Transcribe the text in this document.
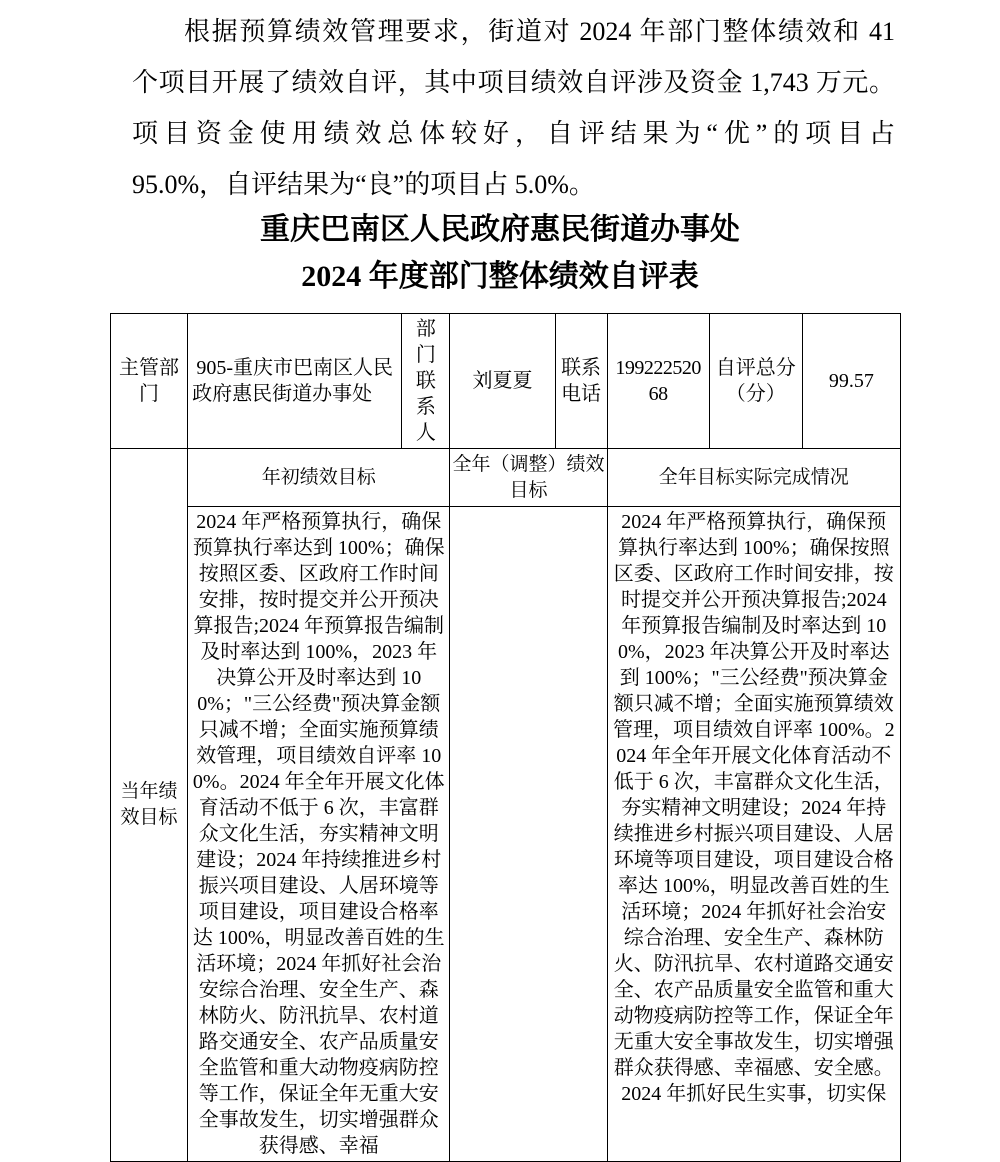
根据预算绩效管理要求，街道对 2024 年部门整体绩效和 41
个项目开展了绩效自评，其中项目绩效自评涉及资金 1,743 万元。
项目资金使用绩效总体较好，自评结果为“优”的项目占
95.0%，自评结果为“良”的项目占 5.0%。
重庆巴南区人民政府惠民街道办事处
2024 年度部门整体绩效自评表
主管部门	905-重庆市巴南区人民政府惠民街道办事处	部门联系人	刘夏夏	联系电话	19922252068	自评总分（分）	99.57
当年绩效目标	年初绩效目标		全年（调整）绩效目标		全年目标实际完成情况		
2024 年严格预算执行，确保预算执行率达到 100%；确保按照区委、区政府工作时间安排，按时提交并公开预决算报告;2024 年预算报告编制及时率达到 100%，2023 年决算公开及时率达到 100%；"三公经费"预决算金额只减不增；全面实施预算绩效管理，项目绩效自评率 100%。2024 年全年开展文化体育活动不低于 6 次，丰富群众文化生活，夯实精神文明建设；2024 年持续推进乡村振兴项目建设、人居环境等项目建设，项目建设合格率达 100%，明显改善百姓的生活环境；2024 年抓好社会治安综合治理、安全生产、森林防火、防汛抗旱、农村道路交通安全、农产品质量安全监管和重大动物疫病防控等工作，保证全年无重大安全事故发生，切实增强群众获得感、幸福		2024 年严格预算执行，确保预算执行率达到 100%；确保按照区委、区政府工作时间安排，按时提交并公开预决算报告;2024 年预算报告编制及时率达到 100%，2023 年决算公开及时率达到 100%；"三公经费"预决算金额只减不增；全面实施预算绩效管理，项目绩效自评率 100%。2024 年全年开展文化体育活动不低于 6 次，丰富群众文化生活，夯实精神文明建设；2024 年持续推进乡村振兴项目建设、人居环境等项目建设，项目建设合格率达 100%，明显改善百姓的生活环境；2024 年抓好社会治安综合治理、安全生产、森林防火、防汛抗旱、农村道路交通安全、农产品质量安全监管和重大动物疫病防控等工作，保证全年无重大安全事故发生，切实增强群众获得感、幸福感、安全感。2024 年抓好民生实事，切实保
